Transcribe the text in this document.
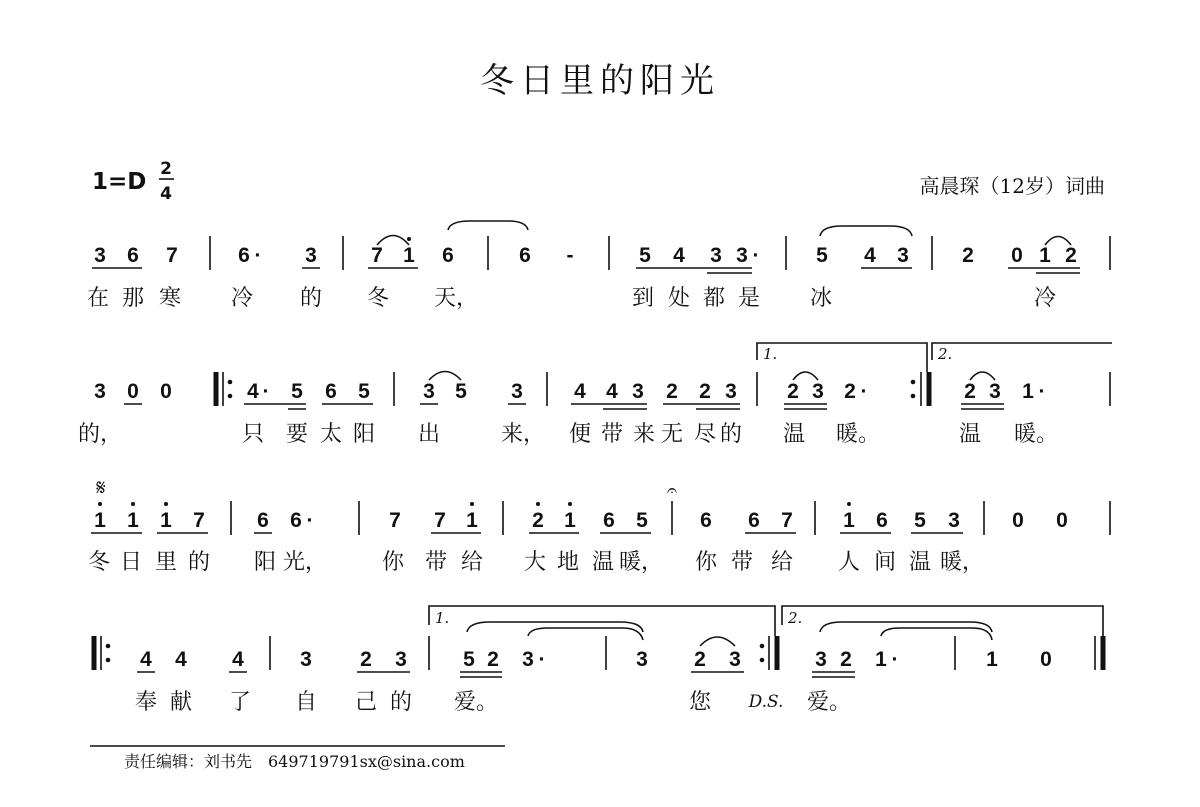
冬日里的阳光
1=D 2
4	高晨琛（12岁）词曲
3 6 7	6 · 3	7 1 6	6 -	5 4 3 3 ·	5 4 3	2 0 1 2
在 那 寒 冷 的 冬 天，	到 处 都 是 冰	冷
3 0 0	4 · 5 6 5	3 5 3 4 4 3 2 2 3
1.
2 3 2 ·
2.
2 3 1 ·
的，	只 要 太 阳 出	来， 便 带 来 无 尽 的 温 暖。	温 暖。
𝄋
1 1 1 7 6 6 ·	7 7 1	2 1 6 5
𝄐
6 6 7 1 6 5 3 0 0
冬 日 里 的 阳 光， 你 带 给 大 地 温 暖， 你 带 给 人 间 温 暖，
4 4 4	3 2 3
1.
5 2 3 ·	3 2 3
2.
3 2 1 ·	1 0
奉 献 了 自 己 的 爱。	您 D.S. 爱。
责任编辑：刘书先　649719791sx@sina.com
